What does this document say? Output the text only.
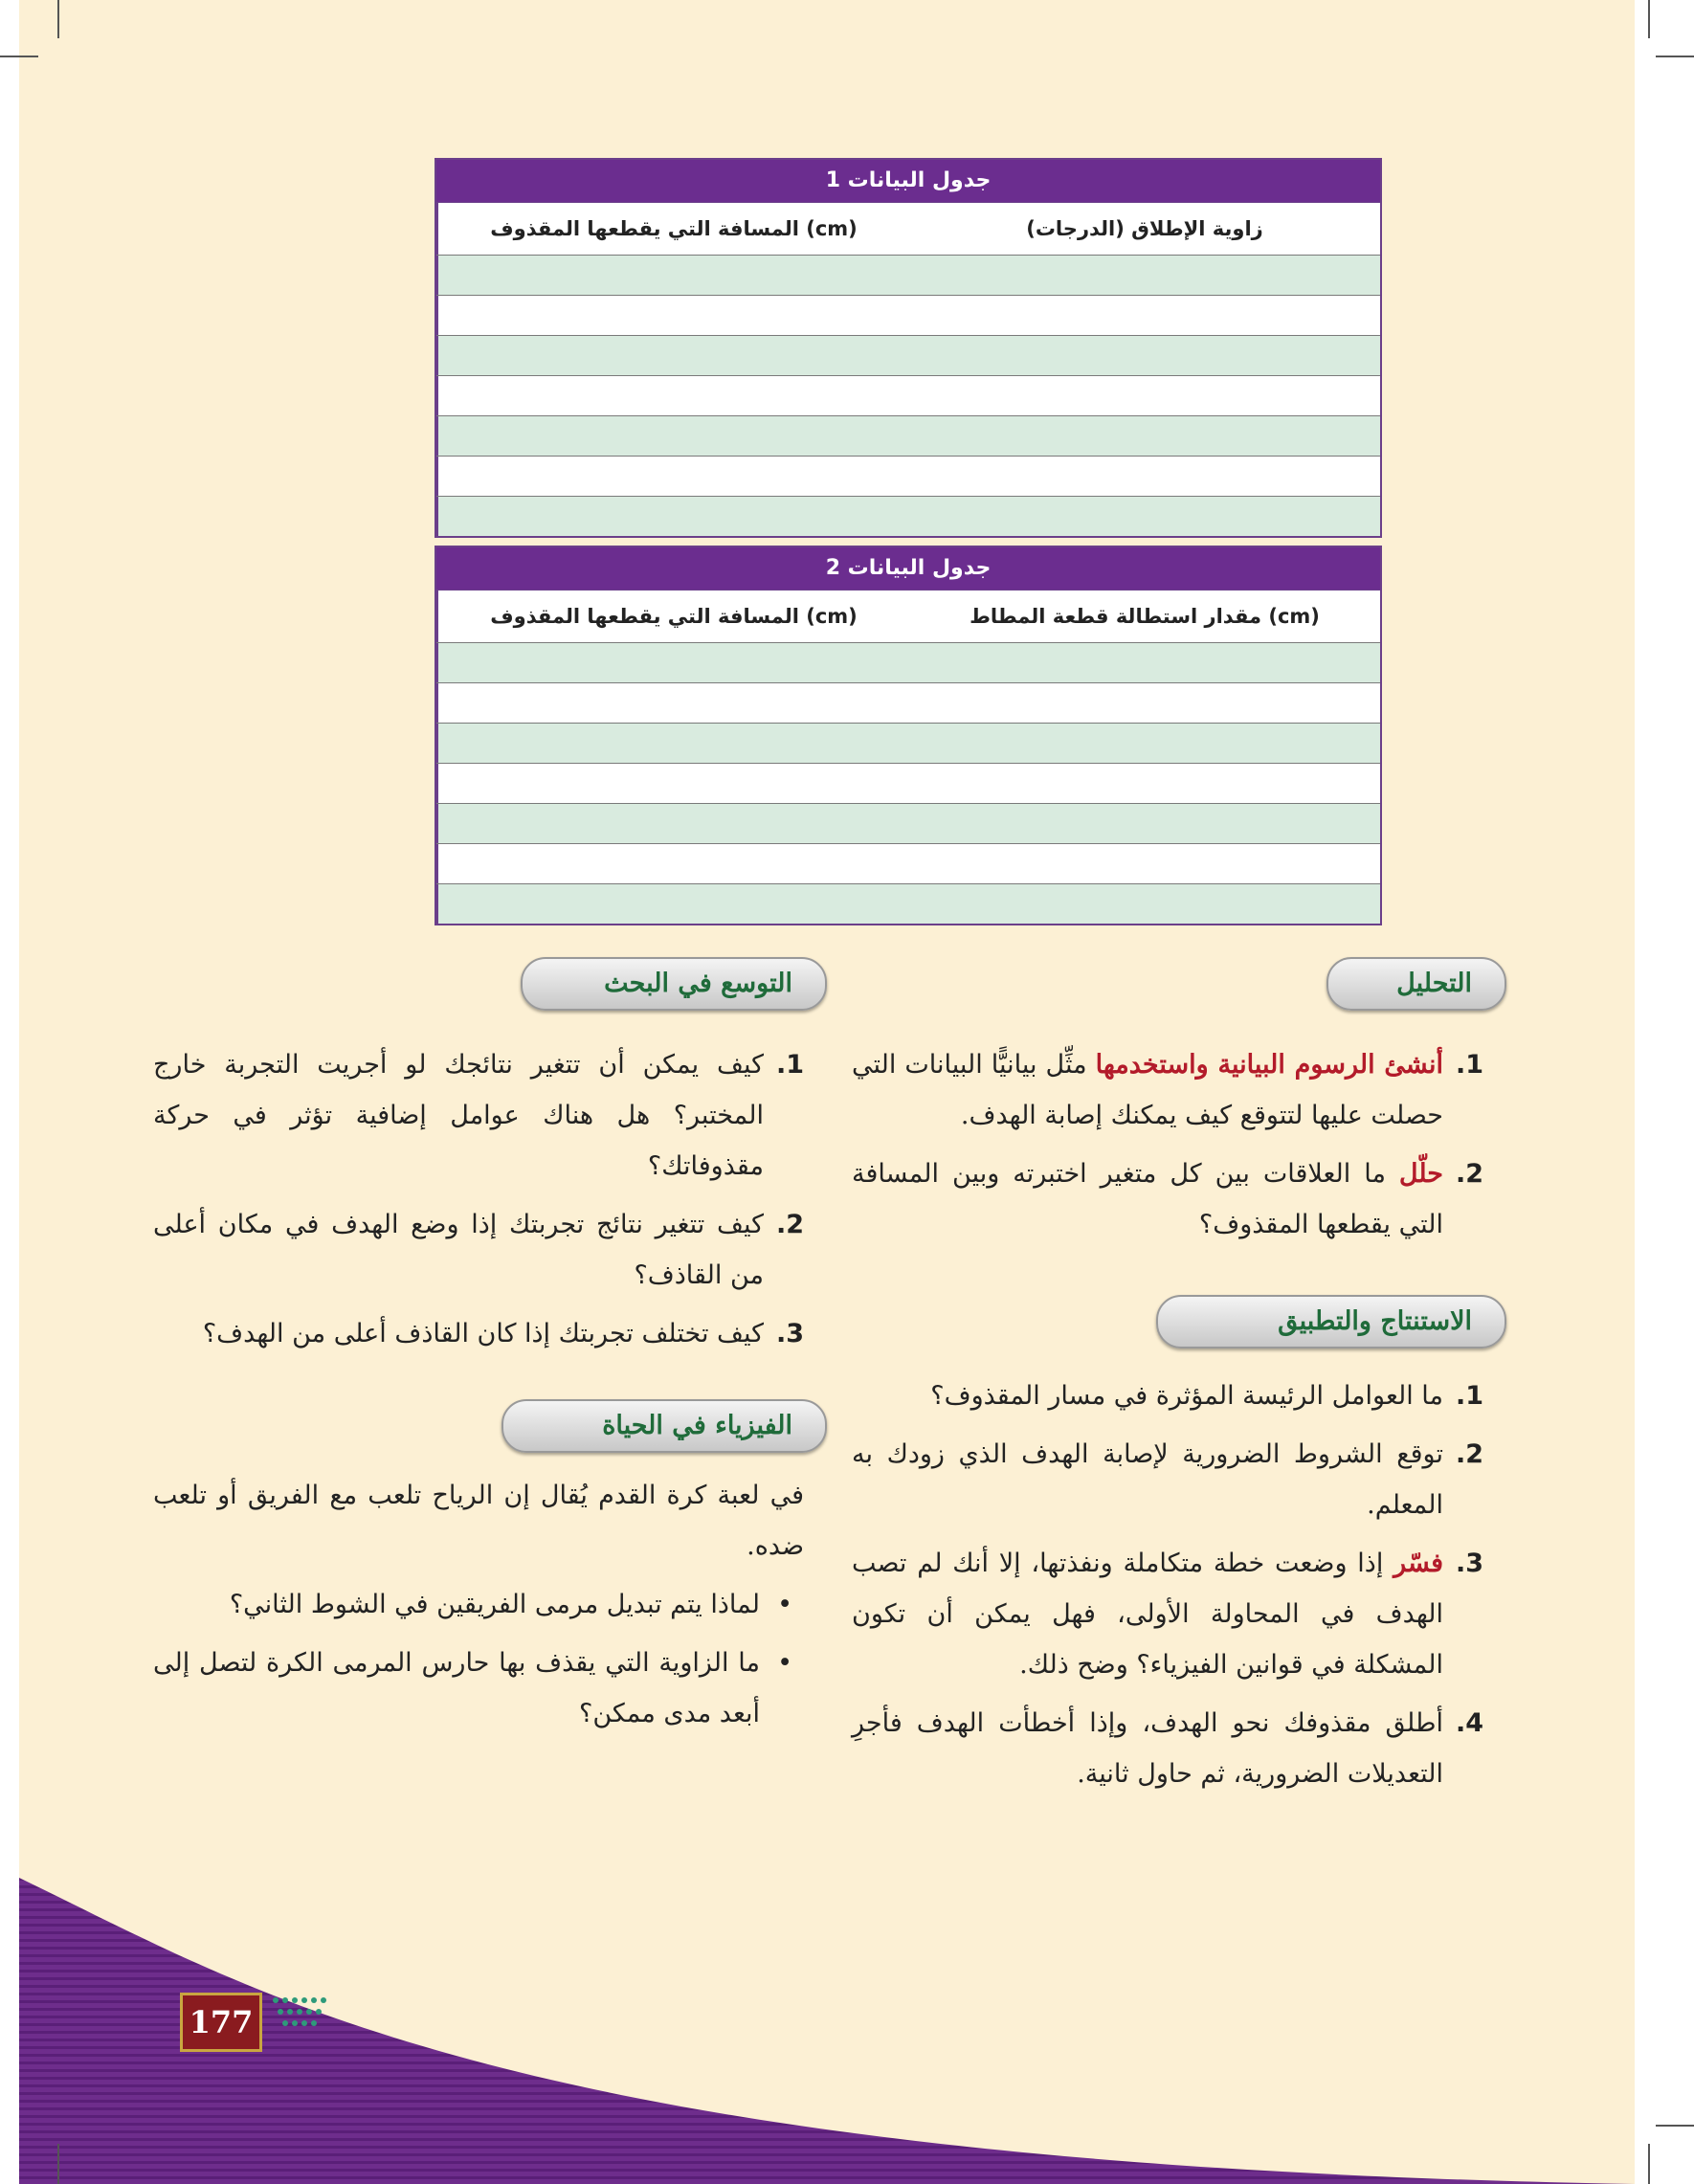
جدول البيانات 1
المسافة التي يقطعها المقذوف (cm)	زاوية الإطلاق (الدرجات)
جدول البيانات 2
المسافة التي يقطعها المقذوف (cm)	مقدار استطالة قطعة المطاط (cm)
التحليل
الاستنتاج والتطبيق
التوسع في البحث
الفيزياء في الحياة
1.
أنشئ الرسوم البيانية واستخدمها مثِّل بيانيًّا البيانات التي حصلت عليها لتتوقع كيف يمكنك إصابة الهدف.
2.
حلّل ما العلاقات بين كل متغير اختبرته وبين المسافة التي يقطعها المقذوف؟
1.
ما العوامل الرئيسة المؤثرة في مسار المقذوف؟
2.
توقع الشروط الضرورية لإصابة الهدف الذي زودك به المعلم.
3.
فسّر إذا وضعت خطة متكاملة ونفذتها، إلا أنك لم تصب الهدف في المحاولة الأولى، فهل يمكن أن تكون المشكلة في قوانين الفيزياء؟ وضح ذلك.
4.
أطلق مقذوفك نحو الهدف، وإذا أخطأت الهدف فأجرِ التعديلات الضرورية، ثم حاول ثانية.
1.
كيف يمكن أن تتغير نتائجك لو أجريت التجربة خارج المختبر؟ هل هناك عوامل إضافية تؤثر في حركة مقذوفاتك؟
2.
كيف تتغير نتائج تجربتك إذا وضع الهدف في مكان أعلى من القاذف؟
3.
كيف تختلف تجربتك إذا كان القاذف أعلى من الهدف؟
في لعبة كرة القدم يُقال إن الرياح تلعب مع الفريق أو تلعب ضده.
• لماذا يتم تبديل مرمى الفريقين في الشوط الثاني؟
• ما الزاوية التي يقذف بها حارس المرمى الكرة لتصل إلى أبعد مدى ممكن؟
177
